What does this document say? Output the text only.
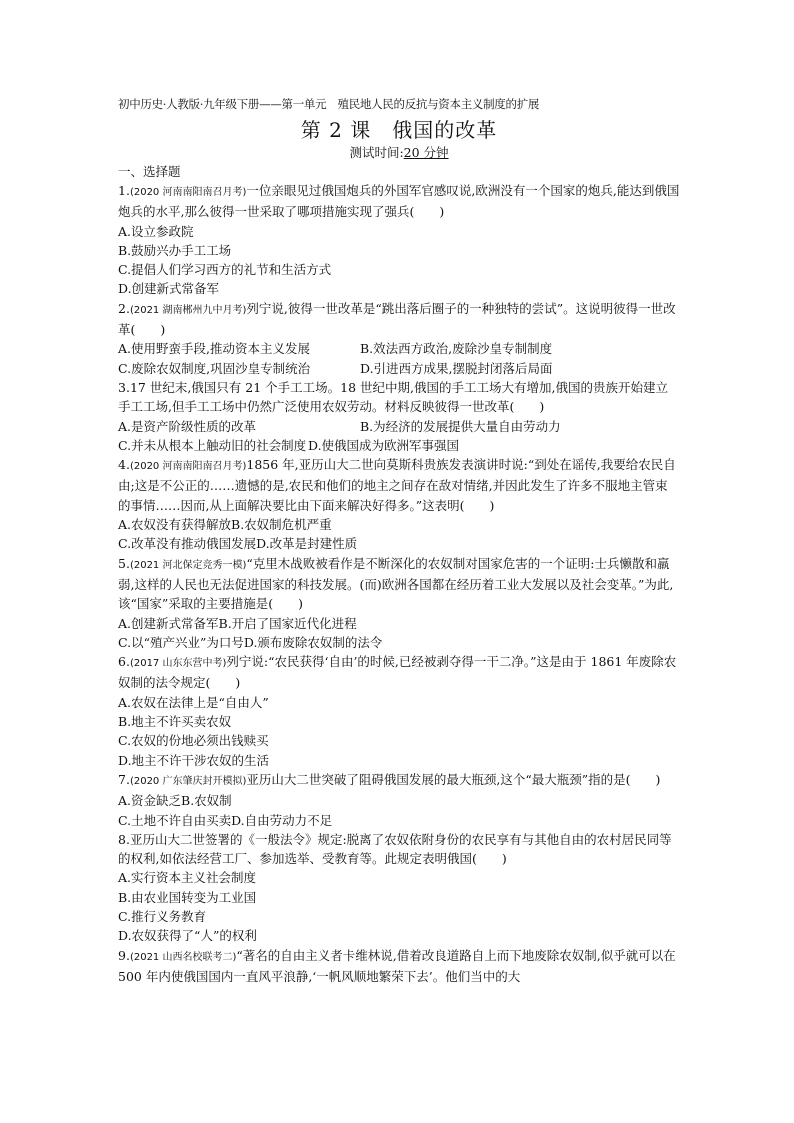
初中历史·人教版·九年级下册——第一单元　殖民地人民的反抗与资本主义制度的扩展
第 2 课　俄国的改革
测试时间:20 分钟
一、选择题

1.(2020 河南南阳南召月考)一位亲眼见过俄国炮兵的外国军官感叹说,欧洲没有一个国家的炮兵,能达到俄国炮兵的水平,那么彼得一世采取了哪项措施实现了强兵(　　)

A.设立参政院
B.鼓励兴办手工工场
C.提倡人们学习西方的礼节和生活方式
D.创建新式常备军

2.(2021 湖南郴州九中月考)列宁说,彼得一世改革是“跳出落后圈子的一种独特的尝试”。这说明彼得一世改革(　　)

A.使用野蛮手段,推动资本主义发展	B.效法西方政治,废除沙皇专制制度
C.废除农奴制度,巩固沙皇专制统治	D.引进西方成果,摆脱封闭落后局面

3.17 世纪末,俄国只有 21 个手工工场。18 世纪中期,俄国的手工工场大有增加,俄国的贵族开始建立手工工场,但手工工场中仍然广泛使用农奴劳动。材料反映彼得一世改革(　　)

A.是资产阶级性质的改革	B.为经济的发展提供大量自由劳动力
C.并未从根本上触动旧的社会制度 D.使俄国成为欧洲军事强国

4.(2020 河南南阳南召月考)1856 年,亚历山大二世向莫斯科贵族发表演讲时说:“到处在谣传,我要给农民自由;这是不公正的……遗憾的是,农民和他们的地主之间存在敌对情绪,并因此发生了许多不服地主管束的事情……因而,从上面解决要比由下面来解决好得多。”这表明(　　)

A.农奴没有获得解放B.农奴制危机严重
C.改革没有推动俄国发展D.改革是封建性质

5.(2021 河北保定竞秀一模)“克里木战败被看作是不断深化的农奴制对国家危害的一个证明:士兵懒散和羸弱,这样的人民也无法促进国家的科技发展。(而)欧洲各国都在经历着工业大发展以及社会变革。”为此,该“国家”采取的主要措施是(　　)

A.创建新式常备军B.开启了国家近代化进程
C.以“殖产兴业”为口号D.颁布废除农奴制的法令

6.(2017 山东东营中考)列宁说:“农民获得‘自由’的时候,已经被剥夺得一干二净。”这是由于 1861 年废除农奴制的法令规定(　　)

A.农奴在法律上是“自由人”
B.地主不许买卖农奴
C.农奴的份地必须出钱赎买
D.地主不许干涉农奴的生活

7.(2020 广东肇庆封开模拟)亚历山大二世突破了阻碍俄国发展的最大瓶颈,这个“最大瓶颈”指的是(　　)

A.资金缺乏B.农奴制
C.土地不许自由买卖D.自由劳动力不足

8.亚历山大二世签署的《一般法令》规定:脱离了农奴依附身份的农民享有与其他自由的农村居民同等的权利,如依法经营工厂、参加选举、受教育等。此规定表明俄国(　　)

A.实行资本主义社会制度
B.由农业国转变为工业国
C.推行义务教育
D.农奴获得了“人”的权利

9.(2021 山西名校联考二)“著名的自由主义者卡维林说,借着改良道路自上而下地废除农奴制,似乎就可以在 500 年内使俄国国内一直风平浪静,‘一帆风顺地繁荣下去’。他们当中的大
